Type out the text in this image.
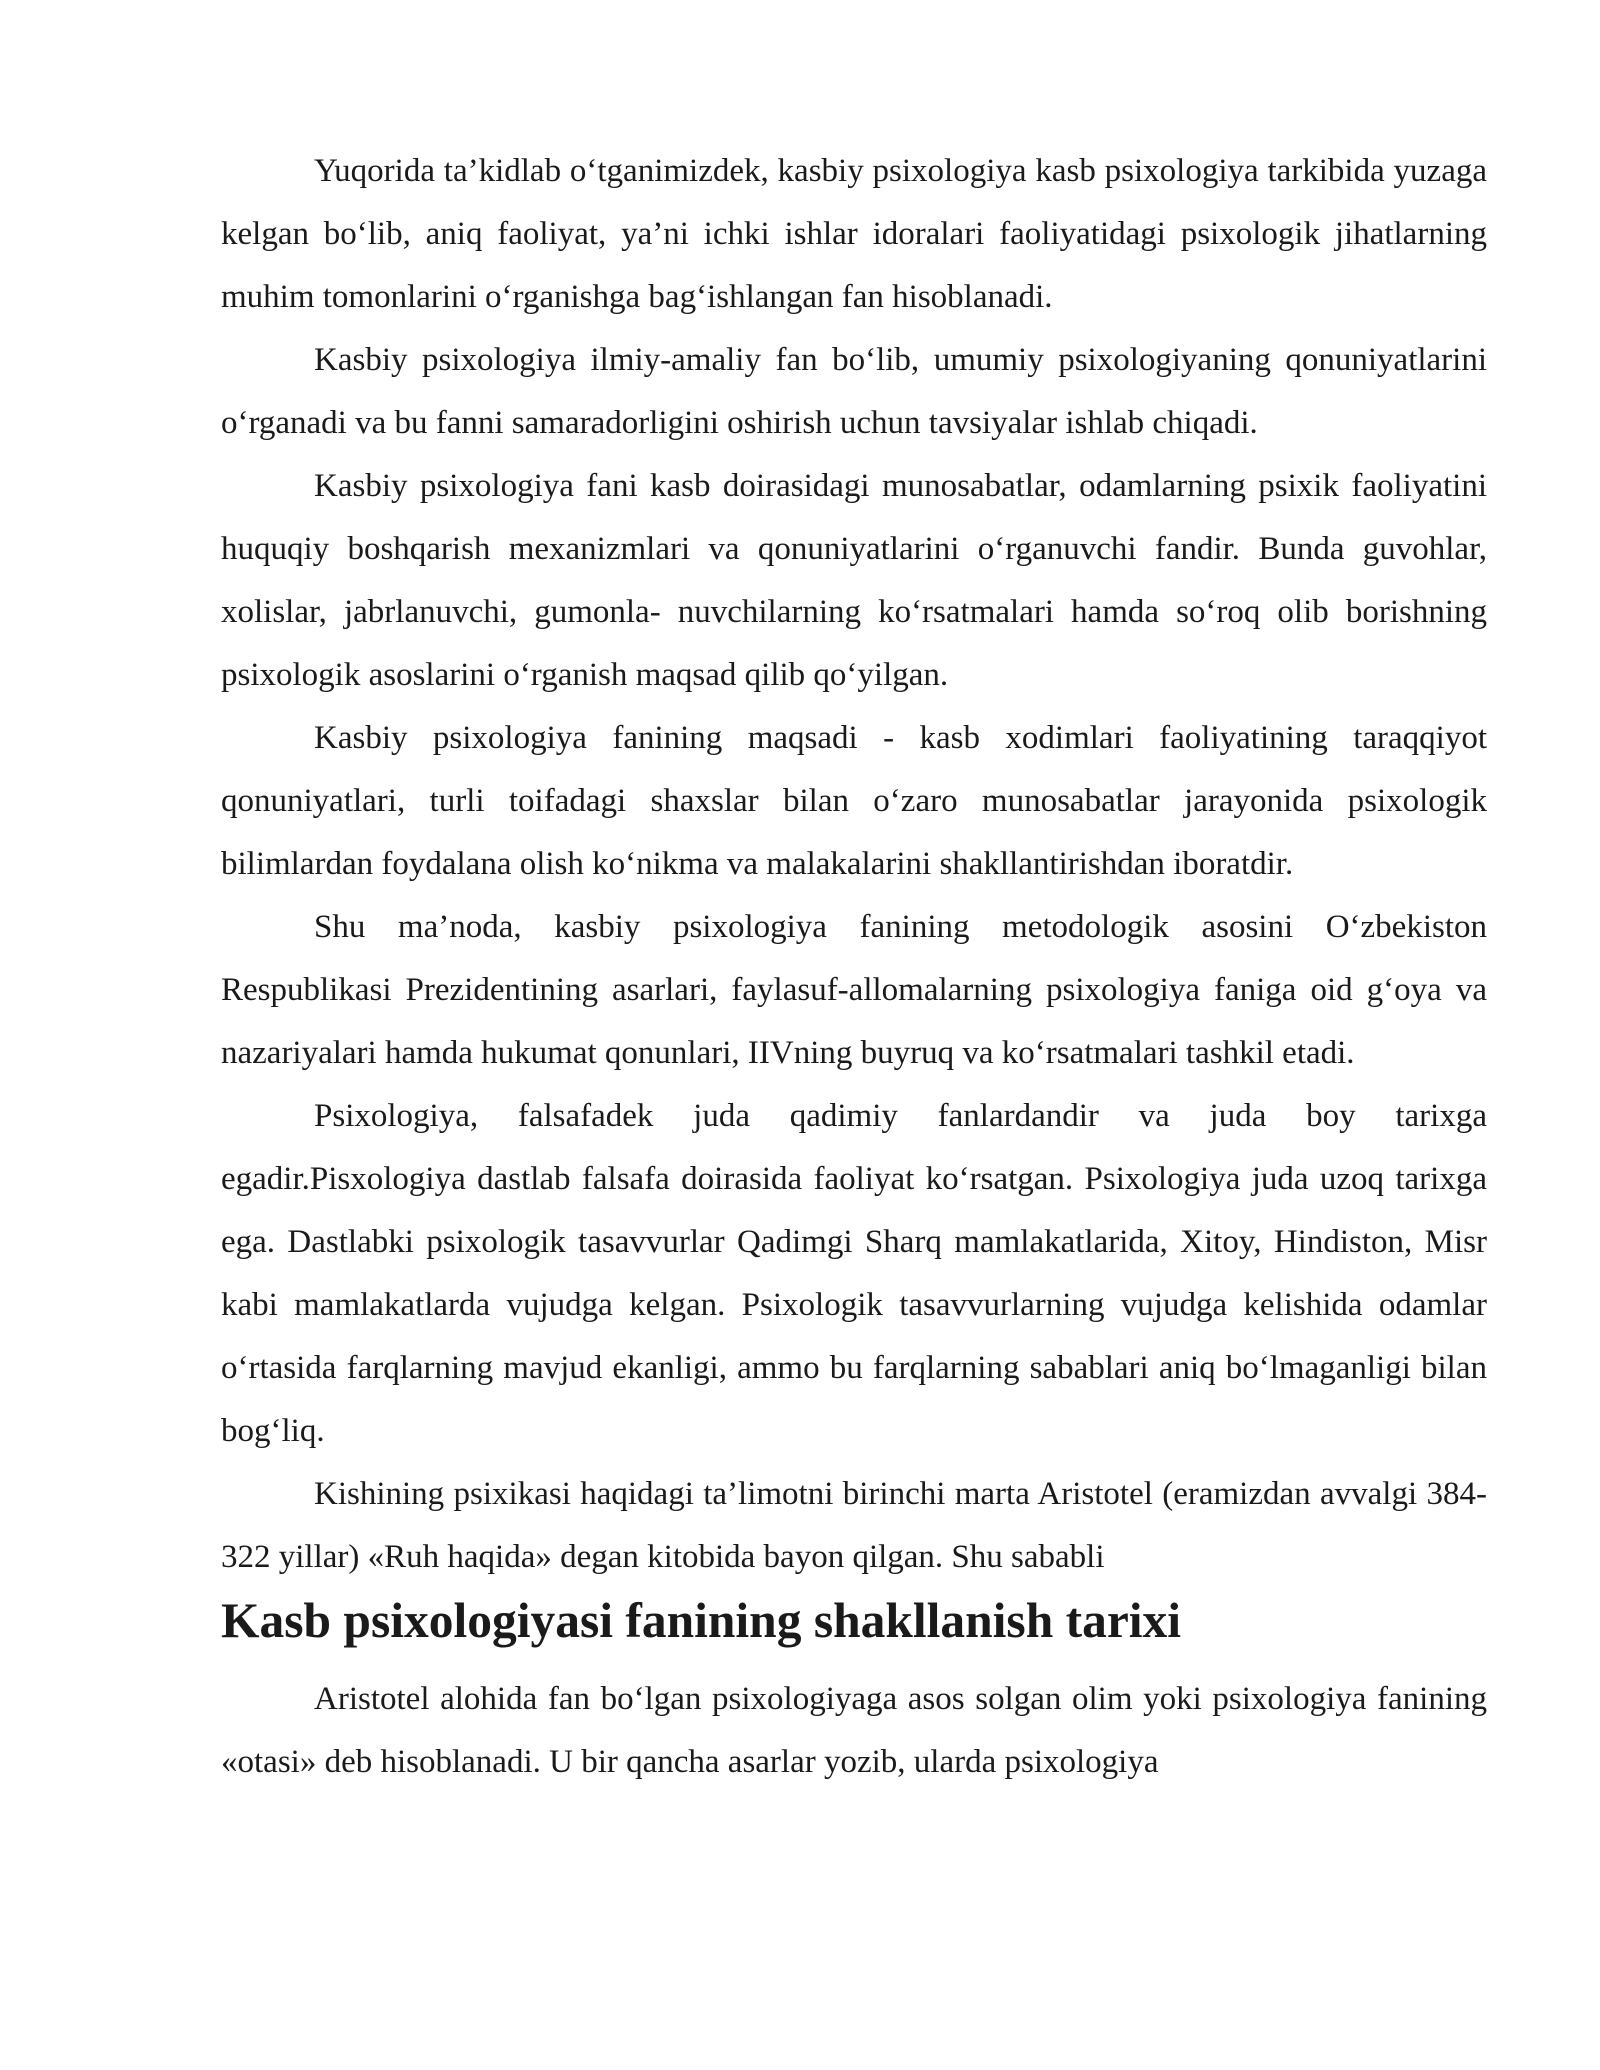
Yuqorida ta’kidlab o‘tganimizdek, kasbiy psixologiya kasb psixologiya tarkibida yuzaga kelgan bo‘lib, aniq faoliyat, ya’ni ichki ishlar idoralari faoliyatidagi psixologik jihatlarning muhim tomonlarini o‘rganishga bag‘ishlangan fan hisoblanadi.

Kasbiy psixologiya ilmiy-amaliy fan bo‘lib, umumiy psixologiyaning qonuniyatlarini o‘rganadi va bu fanni samaradorligini oshirish uchun tavsiyalar ishlab chiqadi.

Kasbiy psixologiya fani kasb doirasidagi munosabatlar, odamlarning psixik faoliyatini huquqiy boshqarish mexanizmlari va qonuniyatlarini o‘rganuvchi fandir. Bunda guvohlar, xolislar, jabrlanuvchi, gumonla- nuvchilarning ko‘rsatmalari hamda so‘roq olib borishning psixologik asoslarini o‘rganish maqsad qilib qo‘yilgan.

Kasbiy psixologiya fanining maqsadi - kasb xodimlari faoliyatining taraqqiyot qonuniyatlari, turli toifadagi shaxslar bilan o‘zaro munosabatlar jarayonida psixologik bilimlardan foydalana olish ko‘nikma va malakalarini shakllantirishdan iboratdir.

Shu ma’noda, kasbiy psixologiya fanining metodologik asosini O‘zbekiston Respublikasi Prezidentining asarlari, faylasuf-allomalarning psixologiya faniga oid g‘oya va nazariyalari hamda hukumat qonunlari, IIVning buyruq va ko‘rsatmalari tashkil etadi.

Psixologiya, falsafadek juda qadimiy fanlardandir va juda boy tarixga egadir.Pisxologiya dastlab falsafa doirasida faoliyat ko‘rsatgan. Psixologiya juda uzoq tarixga ega. Dastlabki psixologik tasavvurlar Qadimgi Sharq mamlakatlarida, Xitoy, Hindiston, Misr kabi mamlakatlarda vujudga kelgan. Psixologik tasavvurlarning vujudga kelishida odamlar o‘rtasida farqlarning mavjud ekanligi, ammo bu farqlarning sabablari aniq bo‘lmaganligi bilan bog‘liq.

Kishining psixikasi haqidagi ta’limotni birinchi marta Aristotel (eramizdan avvalgi 384-322 yillar) «Ruh haqida» degan kitobida bayon qilgan. Shu sababli

Kasb psixologiyasi fanining shakllanish tarixi

Aristotel alohida fan bo‘lgan psixologiyaga asos solgan olim yoki psixologiya fanining «otasi» deb hisoblanadi. U bir qancha asarlar yozib, ularda psixologiya
